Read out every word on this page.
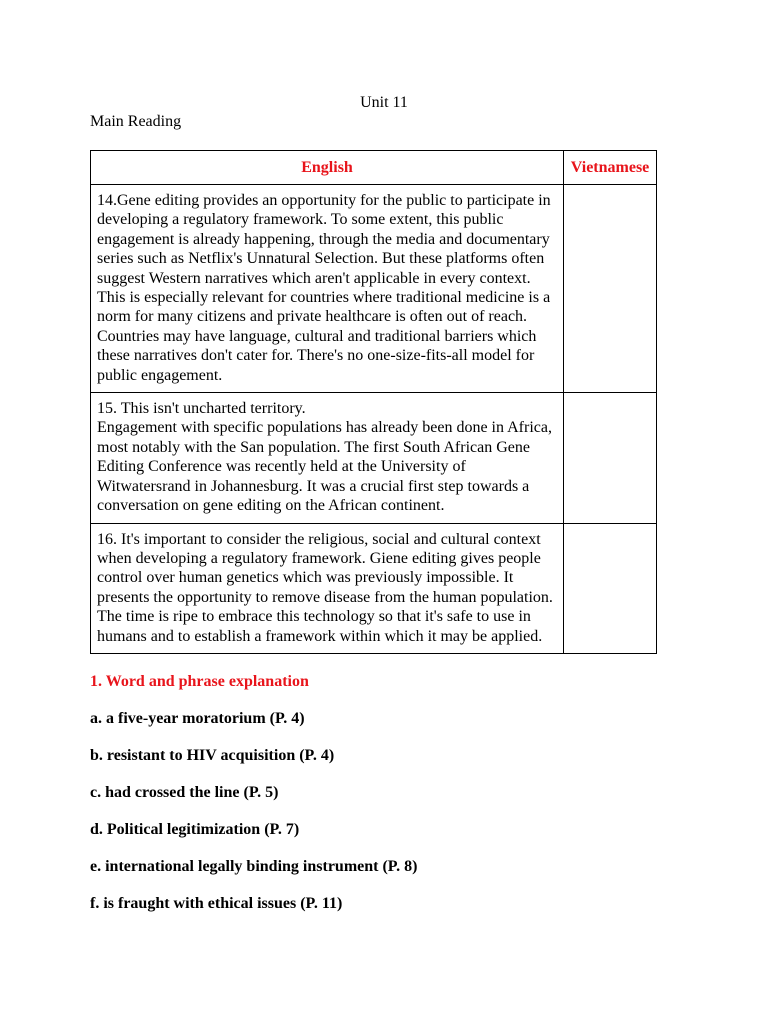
Unit 11
Main Reading
English	Vietnamese

14.Gene editing provides an opportunity for the public to participate in developing a regulatory framework. To some extent, this public engagement is already happening, through the media and documentary series such as Netflix's Unnatural Selection. But these platforms often suggest Western narratives which aren't applicable in every context. This is especially relevant for countries where traditional medicine is a norm for many citizens and private healthcare is often out of reach. Countries may have language, cultural and traditional barriers which these narratives don't cater for. There's no one-size-fits-all model for public engagement.	

15. This isn't uncharted territory.
Engagement with specific populations has already been done in Africa, most notably with the San population. The first South African Gene Editing Conference was recently held at the University of Witwatersrand in Johannesburg. It was a crucial first step towards a conversation on gene editing on the African continent.	

16. It's important to consider the religious, social and cultural context when developing a regulatory framework. Giene editing gives people control over human genetics which was previously impossible. It presents the opportunity to remove disease from the human population. The time is ripe to embrace this technology so that it's safe to use in humans and to establish a framework within which it may be applied.	

1. Word and phrase explanation

a. a five-year moratorium (P. 4)

b. resistant to HIV acquisition (P. 4)

c. had crossed the line (P. 5)

d. Political legitimization (P. 7)

e. international legally binding instrument (P. 8)

f. is fraught with ethical issues (P. 11)
